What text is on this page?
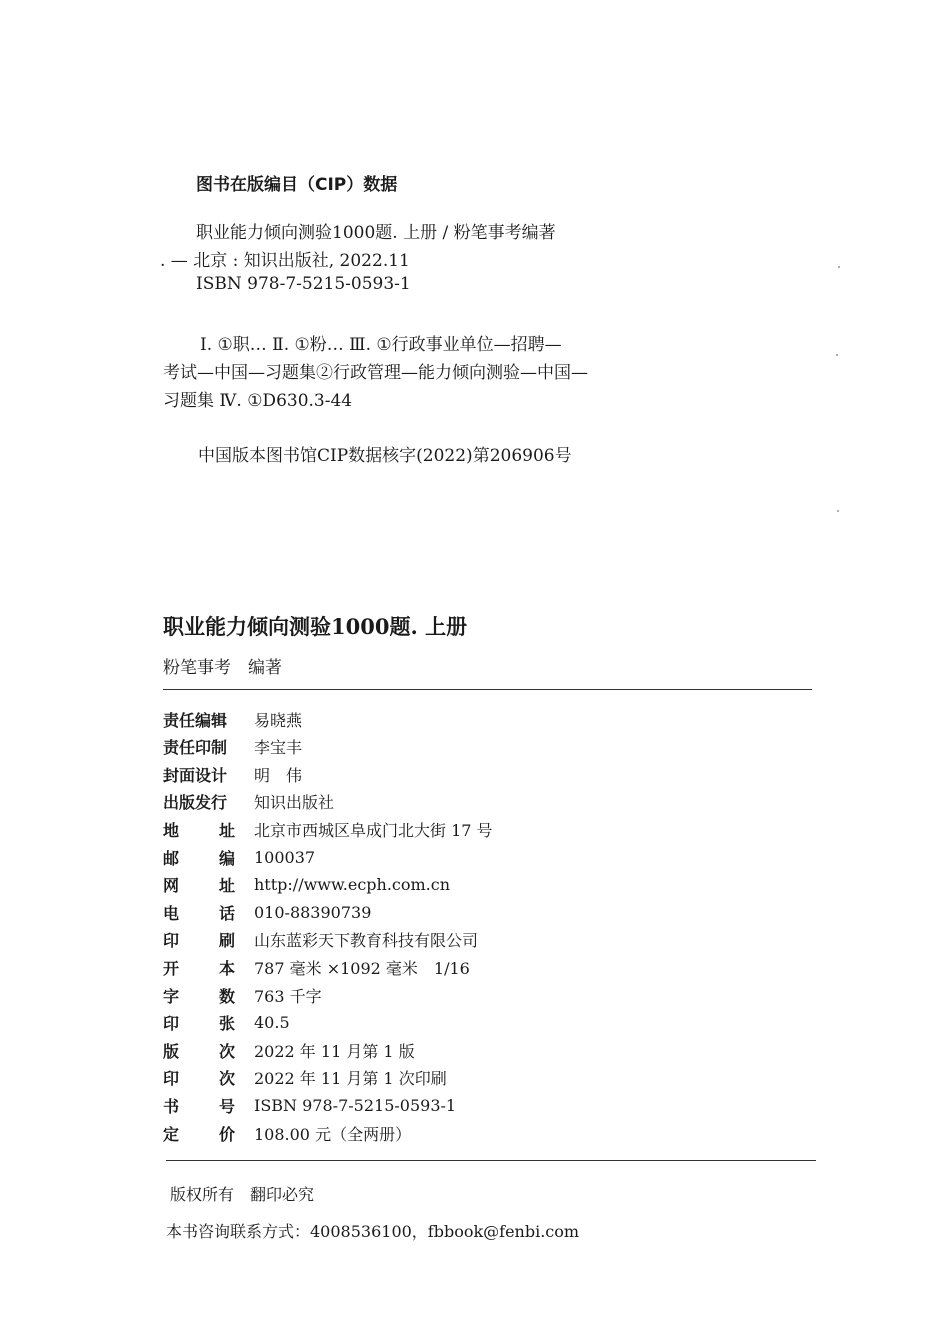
图书在版编目（CIP）数据
职业能力倾向测验1000题. 上册 / 粉笔事考编著
. — 北京 : 知识出版社, 2022.11
ISBN 978-7-5215-0593-1
Ⅰ. ①职… Ⅱ. ①粉… Ⅲ. ①行政事业单位—招聘—
考试—中国—习题集②行政管理—能力倾向测验—中国—
习题集 Ⅳ. ①D630.3-44
中国版本图书馆CIP数据核字(2022)第206906号
职业能力倾向测验1000题. 上册
粉笔事考　编著
责任编辑 易晓燕
责任印制 李宝丰
封面设计 明　伟
出版发行 知识出版社
地 址 北京市西城区阜成门北大街 17 号
邮 编 100037
网 址 http://www.ecph.com.cn
电 话 010-88390739
印 刷 山东蓝彩天下教育科技有限公司
开 本 787 毫米 ×1092 毫米　1/16
字 数 763 千字
印 张 40.5
版 次 2022 年 11 月第 1 版
印 次 2022 年 11 月第 1 次印刷
书 号 ISBN 978-7-5215-0593-1
定 价 108.00 元（全两册）
版权所有　翻印必究
本书咨询联系方式：4008536100，fbbook@fenbi.com
